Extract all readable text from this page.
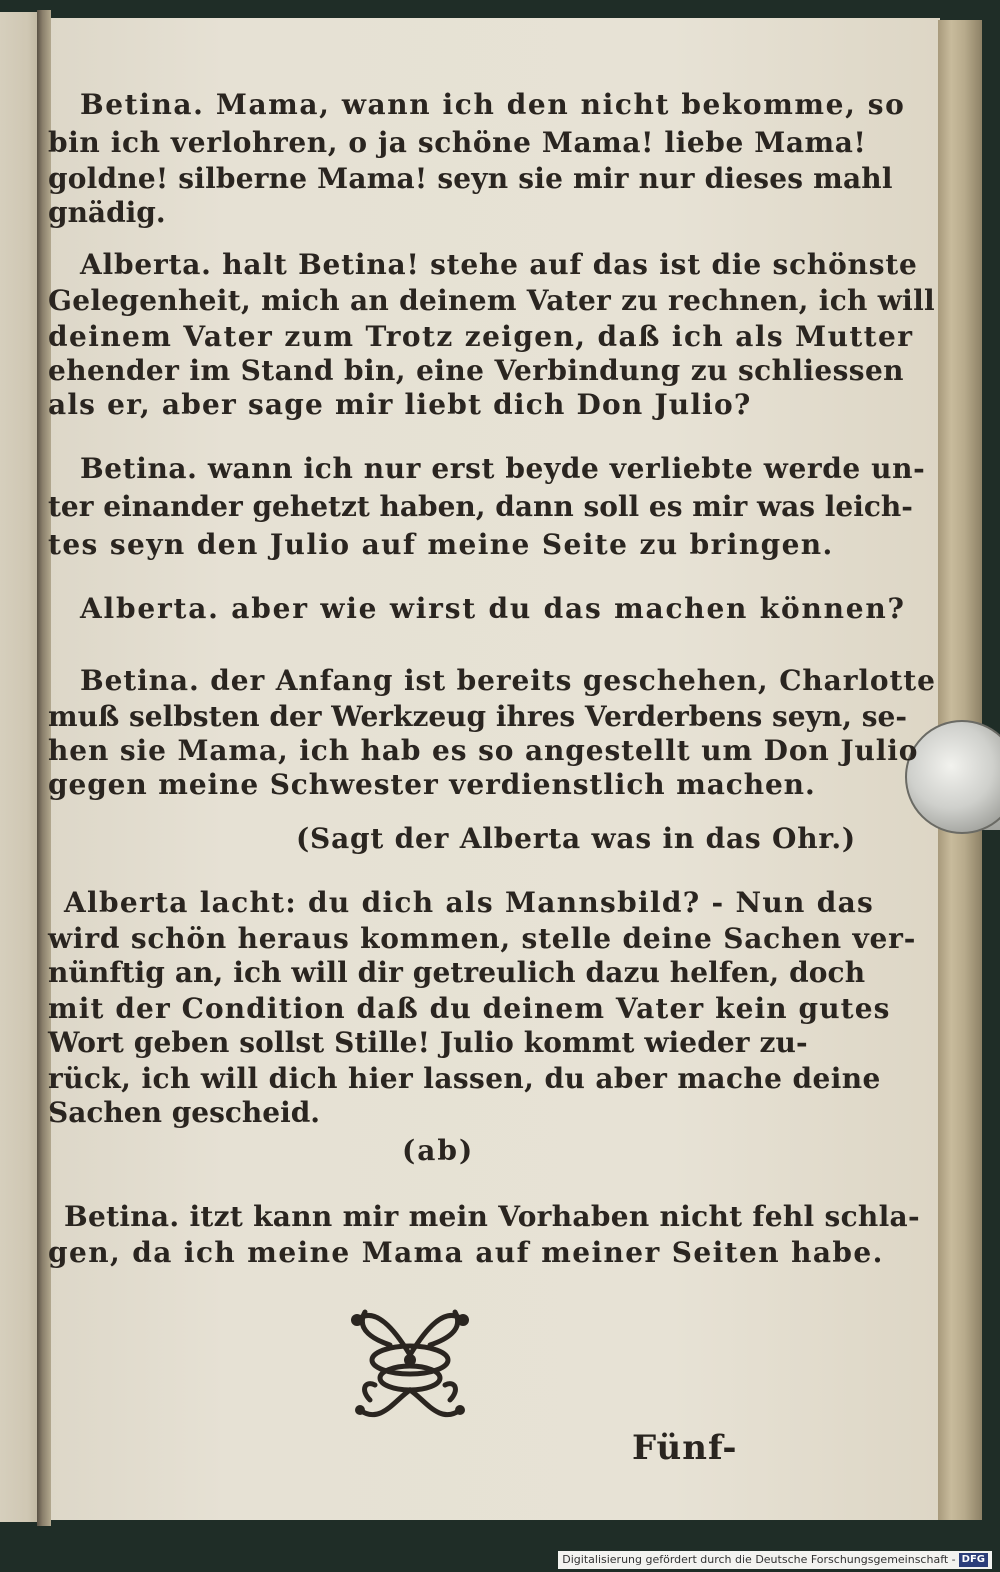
Betina. Mama, wann ich den nicht bekomme, so
bin ich verlohren, o ja schöne Mama! liebe Mama!
goldne! silberne Mama! seyn sie mir nur dieses mahl
gnädig.
Alberta. halt Betina! stehe auf das ist die schönste
Gelegenheit, mich an deinem Vater zu rechnen, ich will
deinem Vater zum Trotz zeigen, daß ich als Mutter
ehender im Stand bin, eine Verbindung zu schliessen
als er, aber sage mir liebt dich Don Julio?
Betina. wann ich nur erst beyde verliebte werde un-
ter einander gehetzt haben, dann soll es mir was leich-
tes seyn den Julio auf meine Seite zu bringen.
Alberta. aber wie wirst du das machen können?
Betina. der Anfang ist bereits geschehen, Charlotte
muß selbsten der Werkzeug ihres Verderbens seyn, se-
hen sie Mama, ich hab es so angestellt um Don Julio
gegen meine Schwester verdienstlich machen.
(Sagt der Alberta was in das Ohr.)
Alberta lacht: du dich als Mannsbild? - Nun das
wird schön heraus kommen, stelle deine Sachen ver-
nünftig an, ich will dir getreulich dazu helfen, doch
mit der Condition daß du deinem Vater kein gutes
Wort geben sollst Stille! Julio kommt wieder zu-
rück, ich will dich hier lassen, du aber mache deine
Sachen gescheid.
(ab)
Betina. itzt kann mir mein Vorhaben nicht fehl schla-
gen, da ich meine Mama auf meiner Seiten habe.
Fünf-
Digitalisierung gefördert durch die Deutsche Forschungsgemeinschaft - DFG
